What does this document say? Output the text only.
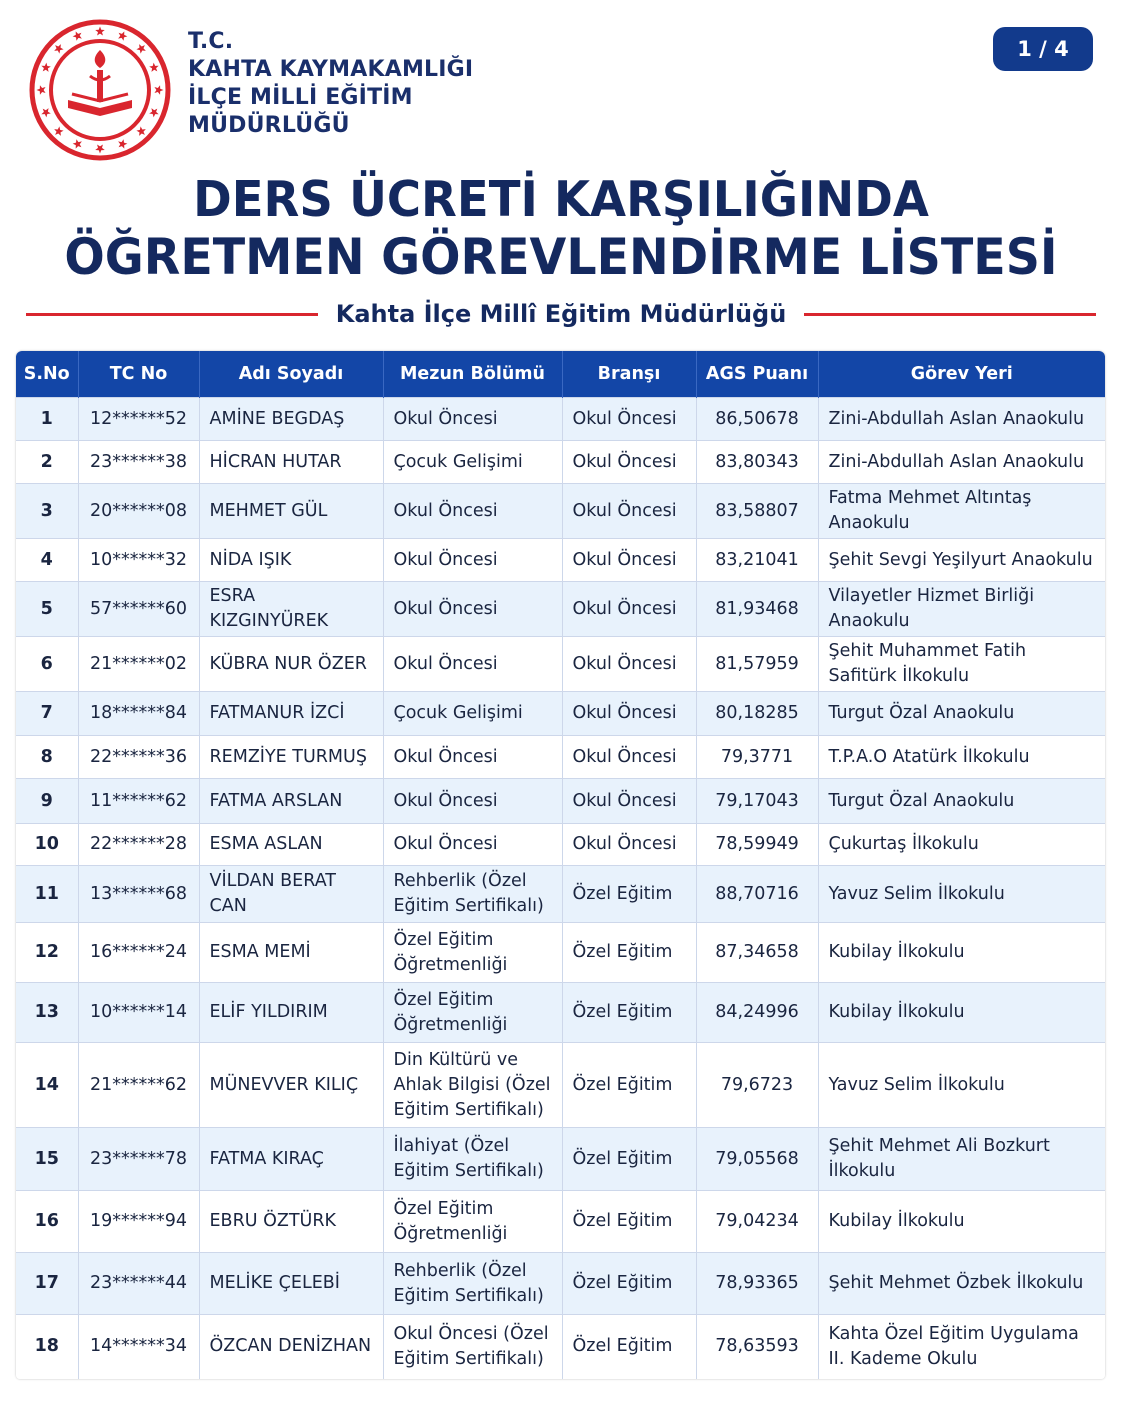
T.C.
KAHTA KAYMAKAMLIĞI
İLÇE MİLLİ EĞİTİM
MÜDÜRLÜĞÜ
1 / 4
DERS ÜCRETİ KARŞILIĞINDA
ÖĞRETMEN GÖREVLENDİRME LİSTESİ
Kahta İlçe Millî Eğitim Müdürlüğü
S.No	TC No	Adı Soyadı	Mezun Bölümü	Branşı	AGS Puanı	Görev Yeri
1	12******52	AMİNE BEGDAŞ	Okul Öncesi	Okul Öncesi	86,50678	Zini-Abdullah Aslan Anaokulu
2	23******38	HİCRAN HUTAR	Çocuk Gelişimi	Okul Öncesi	83,80343	Zini-Abdullah Aslan Anaokulu
3	20******08	MEHMET GÜL	Okul Öncesi	Okul Öncesi	83,58807	Fatma Mehmet Altıntaş Anaokulu
4	10******32	NİDA IŞIK	Okul Öncesi	Okul Öncesi	83,21041	Şehit Sevgi Yeşilyurt Anaokulu
5	57******60	ESRA KIZGINYÜREK	Okul Öncesi	Okul Öncesi	81,93468	Vilayetler Hizmet Birliği Anaokulu
6	21******02	KÜBRA NUR ÖZER	Okul Öncesi	Okul Öncesi	81,57959	Şehit Muhammet Fatih Safitürk İlkokulu
7	18******84	FATMANUR İZCİ	Çocuk Gelişimi	Okul Öncesi	80,18285	Turgut Özal Anaokulu
8	22******36	REMZİYE TURMUŞ	Okul Öncesi	Okul Öncesi	79,3771	T.P.A.O Atatürk İlkokulu
9	11******62	FATMA ARSLAN	Okul Öncesi	Okul Öncesi	79,17043	Turgut Özal Anaokulu
10	22******28	ESMA ASLAN	Okul Öncesi	Okul Öncesi	78,59949	Çukurtaş İlkokulu
11	13******68	VİLDAN BERAT CAN	Rehberlik (Özel Eğitim Sertifikalı)	Özel Eğitim	88,70716	Yavuz Selim İlkokulu
12	16******24	ESMA MEMİ	Özel Eğitim Öğretmenliği	Özel Eğitim	87,34658	Kubilay İlkokulu
13	10******14	ELİF YILDIRIM	Özel Eğitim Öğretmenliği	Özel Eğitim	84,24996	Kubilay İlkokulu
14	21******62	MÜNEVVER KILIÇ	Din Kültürü ve Ahlak Bilgisi (Özel Eğitim Sertifikalı)	Özel Eğitim	79,6723	Yavuz Selim İlkokulu
15	23******78	FATMA KIRAÇ	İlahiyat (Özel Eğitim Sertifikalı)	Özel Eğitim	79,05568	Şehit Mehmet Ali Bozkurt İlkokulu
16	19******94	EBRU ÖZTÜRK	Özel Eğitim Öğretmenliği	Özel Eğitim	79,04234	Kubilay İlkokulu
17	23******44	MELİKE ÇELEBİ	Rehberlik (Özel Eğitim Sertifikalı)	Özel Eğitim	78,93365	Şehit Mehmet Özbek İlkokulu
18	14******34	ÖZCAN DENİZHAN	Okul Öncesi (Özel Eğitim Sertifikalı)	Özel Eğitim	78,63593	Kahta Özel Eğitim Uygulama II. Kademe Okulu
